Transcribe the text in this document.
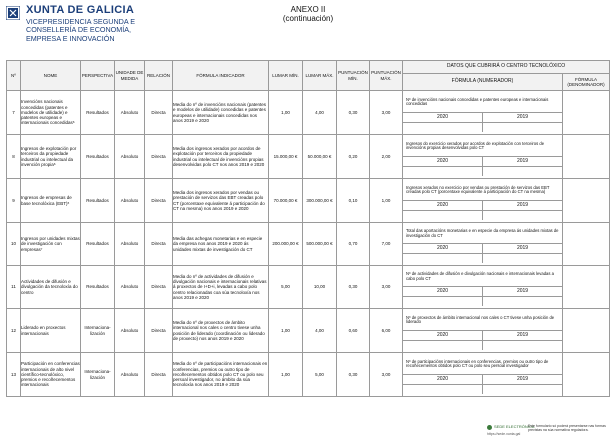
XUNTA DE GALICIA
VICEPRESIDENCIA SEGUNDA E
CONSELLERÍA DE ECONOMÍA,
EMPRESA E INNOVACIÓN
ANEXO II
(continuación)
Nº	NOME	PERSPECTIVA	UNIDADE DE MEDIDA	RELACIÓN	FÓRMULA INDICADOR	LUMAR MÍN.	LUMAR MÁX.	PUNTUACIÓN MÍN.	PUNTUACIÓN MÁX.	DATOS QUE CUBRIRÁ O CENTRO TECNOLÓXICO	
										FÓRMULA (NUMERADOR)	FÓRMULA (DENOMINADOR)
7	Invencións nacionais concedidas (patentes e modelos de utilidade) e patentes europeas e internacionais concedidas⁶	Resultados	Absoluto	Directa	Media do nº de invencións nacionais (patentes e modelos de utilidade) concedidas e patentes europeas e internacionais concedidas nos anos 2019 e 2020	1,00	4,00	0,30	3,00	Nº de invencións nacionais concedidas e patentes europeas e internacionais concedidas
2020 2019	

8	Ingresos de explotación por terceiros da propiedade industrial ou intelectual da invención propia⁶	Resultados	Absoluto	Directa	Media dos ingresos xerados por acordos de explotación por terceiros da propiedade industrial ou intelectual de invencións propias desenvolvidas polo CT nos anos 2019 e 2020	15.000,00 €	50.000,00 €	0,20	2,00	Ingresos do exercicio xerados por acordos de explotación con terceiros de invencións propias desenvolvidas polo CT
2020 2019	

9	Ingresos de empresas de base tecnolóxica (EBT)⁵	Resultados	Absoluto	Directa	Media dos ingresos xerados por vendas ou prestación de servizos das EBT creadas polo CT (porcentaxe equivalente á participación do CT na mesma) nos anos 2019 e 2020	70.000,00 €	300.000,00 €	0,10	1,00	Ingresos xerados no exercicio por vendas ou prestación de servizos das EBT creadas polo CT (porcentaxe equivalente á participación do CT na mesma)
2020 2019	

10	Ingresos por unidades mixtas de investigación con empresas⁷	Resultados	Absoluto	Directa	Media das achegas monetarias e en especie da empresa nos anos 2019 e 2020 ás unidades mixtas de investigación do CT	200.000,00 €	500.000,00 €	0,70	7,00	Total das aportacións monetarias e en especie da empresa ás unidades mixtas de investigación do CT
2020 2019	

11	Actividades de difusión e divulgación da tecnoloxía do centro	Resultados	Absoluto	Directa	Media do nº de actividades de difusión e divulgación nacionais e internacionais relativas á proxectos de I+D+i, levadas a cabo polo centro relacionadas coa súa tecnoloxía nos anos 2019 e 2020	5,00	10,00	0,30	3,00	Nº de actividades de difusión e divulgación nacionais e internacionais levadas a cabo polo CT
2020 2019	

12	Liderado en proxectos internacionais	Internaciona-lización	Absoluto	Directa	Media do nº de proxectos de ámbito internacional nos cales o centro tivese unha posición de liderado (coordinación ou liderado de proxecto) nos anos 2019 e 2020	1,00	4,00	0,60	6,00	Nº de proxectos de ámbito internacional nos cales o CT tivese unha posición de liderado
2020 2019	

13	Participación en conferencias internacionais de alto nivel científico-tecnolóxico, premios e recoñecementos internacionais	Internaciona-lización	Absoluto	Directa	Media do nº de participacións internacionais en conferencias, premios ou outro tipo de recoñecementos obtidos polo CT ou polo seu persoal investigador, no ámbito da súa tecnoloxía nos anos 2019 e 2020	1,00	5,00	0,30	3,00	Nº de participacións internacionais en conferencias, premios ou outro tipo de recoñecementos obtidos polo CT ou polo seu persoal investigador
2020 2019	

SEDE ELECTRÓNICA
https://sede.xunta.gal
Este formulario só poderá presentarse nas formas previstas na súa normativa reguladora.
